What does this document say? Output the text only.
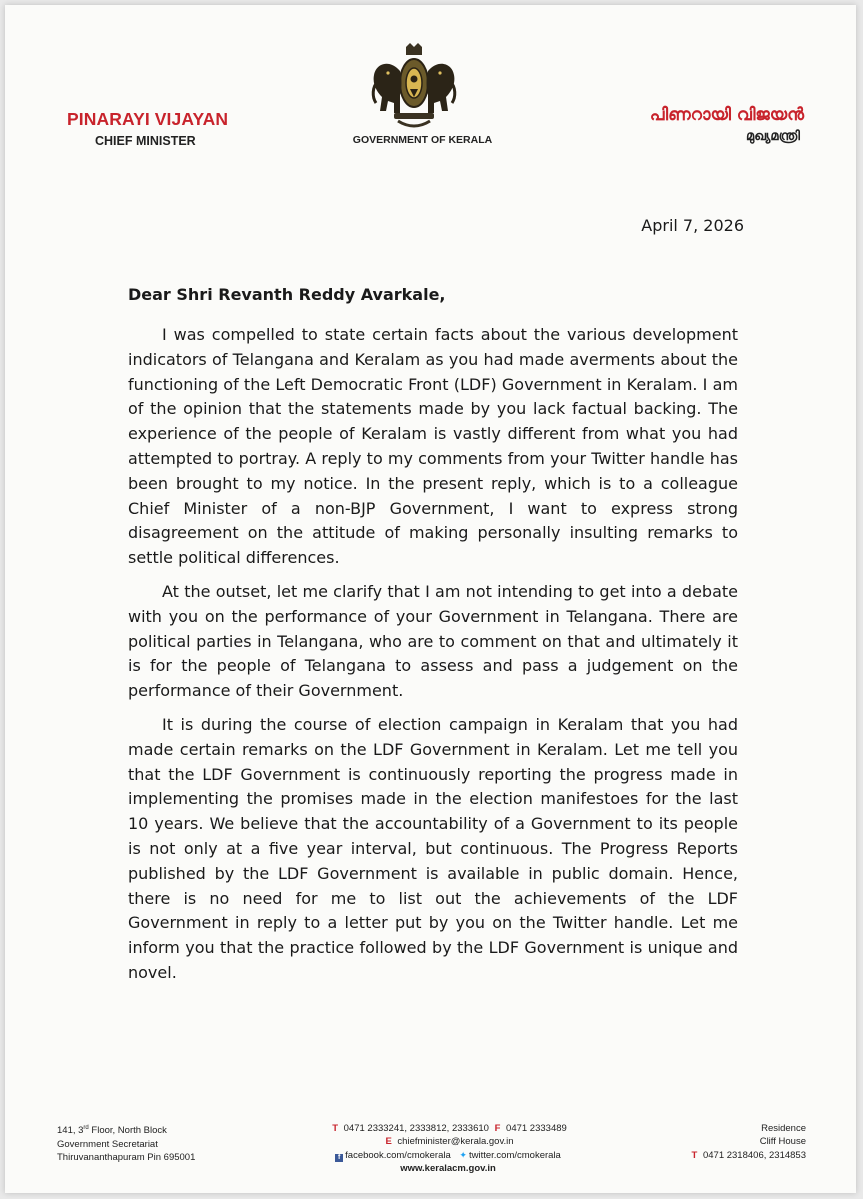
PINARAYI VIJAYAN
CHIEF MINISTER	GOVERNMENT OF KERALA
പിണറായി വിജയൻ
മുഖ്യമന്ത്രി
April 7, 2026
Dear Shri Revanth Reddy Avarkale,

I was compelled to state certain facts about the various development indicators of Telangana and Keralam as you had made averments about the functioning of the Left Democratic Front (LDF) Government in Keralam. I am of the opinion that the statements made by you lack factual backing. The experience of the people of Keralam is vastly different from what you had attempted to portray. A reply to my comments from your Twitter handle has been brought to my notice. In the present reply, which is to a colleague Chief Minister of a non-BJP Government, I want to express strong disagreement on the attitude of making personally insulting remarks to settle political differences.

At the outset, let me clarify that I am not intending to get into a debate with you on the performance of your Government in Telangana. There are political parties in Telangana, who are to comment on that and ultimately it is for the people of Telangana to assess and pass a judgement on the performance of their Government.

It is during the course of election campaign in Keralam that you had made certain remarks on the LDF Government in Keralam. Let me tell you that the LDF Government is continuously reporting the progress made in implementing the promises made in the election manifestoes for the last 10 years. We believe that the accountability of a Government to its people is not only at a five year interval, but continuous. The Progress Reports published by the LDF Government is available in public domain. Hence, there is no need for me to list out the achievements of the LDF Government in reply to a letter put by you on the Twitter handle. Let me inform you that the practice followed by the LDF Government is unique and novel.

141, 3rd Floor, North Block
Government Secretariat
Thiruvananthapuram Pin 695001
T 0471 2333241, 2333812, 2333610 F 0471 2333489
E chiefminister@kerala.gov.in
f facebook.com/cmokerala ✦ twitter.com/cmokerala
www.keralacm.gov.in
Residence
Cliff House
T 0471 2318406, 2314853
